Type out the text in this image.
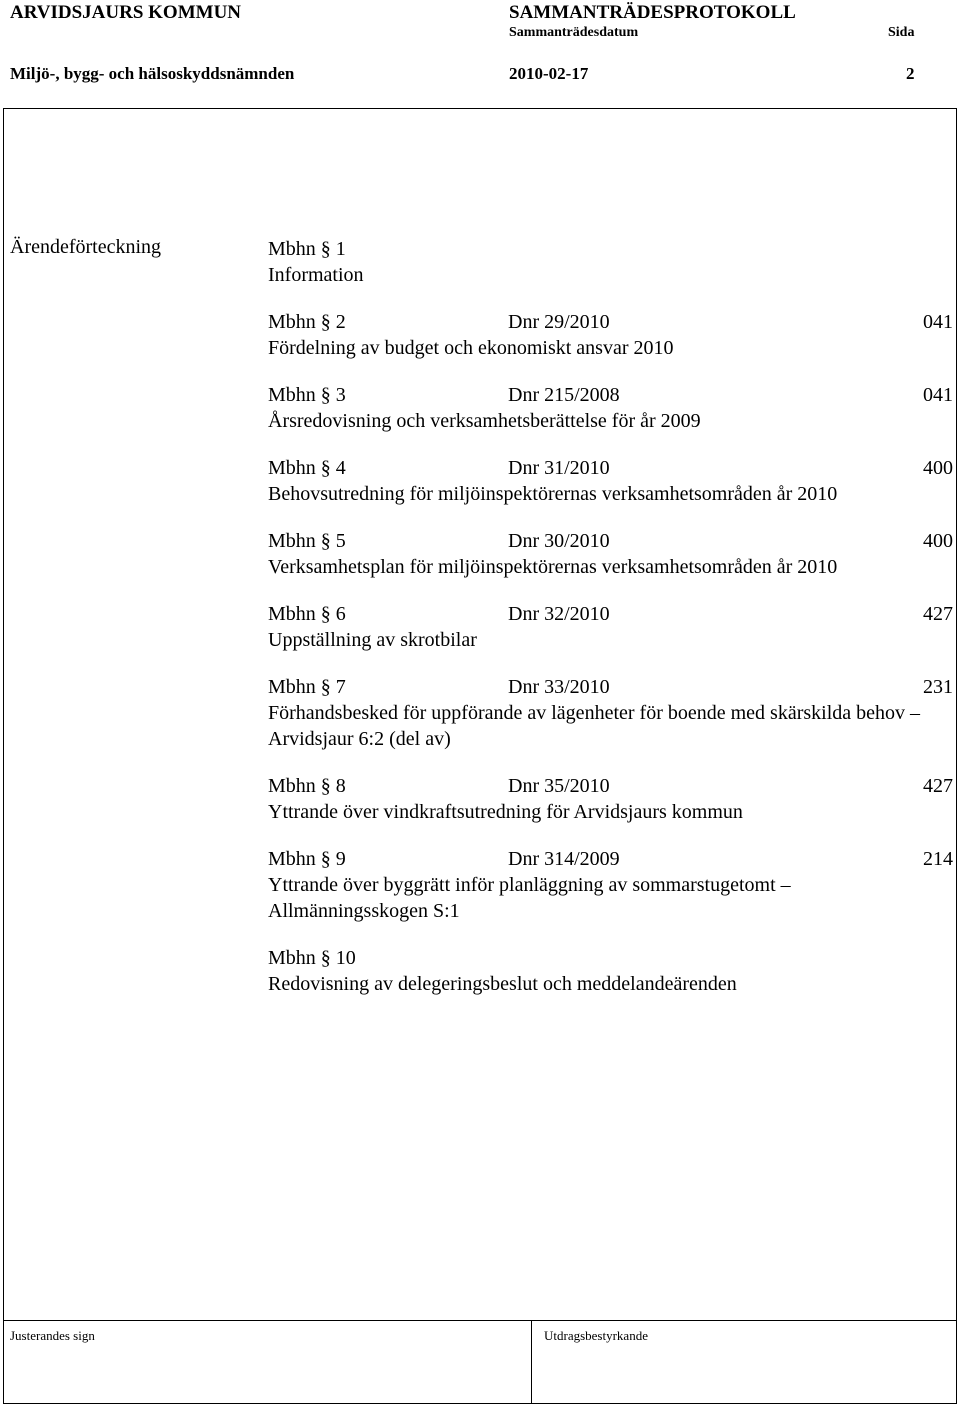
ARVIDSJAURS KOMMUN	SAMMANTRÄDESPROTOKOLL
Sammanträdesdatum	Sida
Miljö-, bygg- och hälsoskyddsnämnden	2010-02-17	2
Ärendeförteckning	Mbhn § 1
Information
Mbhn § 2	Dnr 29/2010	041
Fördelning av budget och ekonomiskt ansvar 2010
Mbhn § 3	Dnr 215/2008	041
Årsredovisning och verksamhetsberättelse för år 2009
Mbhn § 4	Dnr 31/2010	400
Behovsutredning för miljöinspektörernas verksamhetsområden år 2010
Mbhn § 5	Dnr 30/2010	400
Verksamhetsplan för miljöinspektörernas verksamhetsområden år 2010
Mbhn § 6	Dnr 32/2010	427
Uppställning av skrotbilar
Mbhn § 7	Dnr 33/2010	231
Förhandsbesked för uppförande av lägenheter för boende med skärskilda behov – Arvidsjaur 6:2 (del av)
Mbhn § 8	Dnr 35/2010	427
Yttrande över vindkraftsutredning för Arvidsjaurs kommun
Mbhn § 9	Dnr 314/2009	214
Yttrande över byggrätt inför planläggning av sommarstugetomt – Allmänningsskogen S:1
Mbhn § 10
Redovisning av delegeringsbeslut och meddelandeärenden
Justerandes sign	Utdragsbestyrkande
